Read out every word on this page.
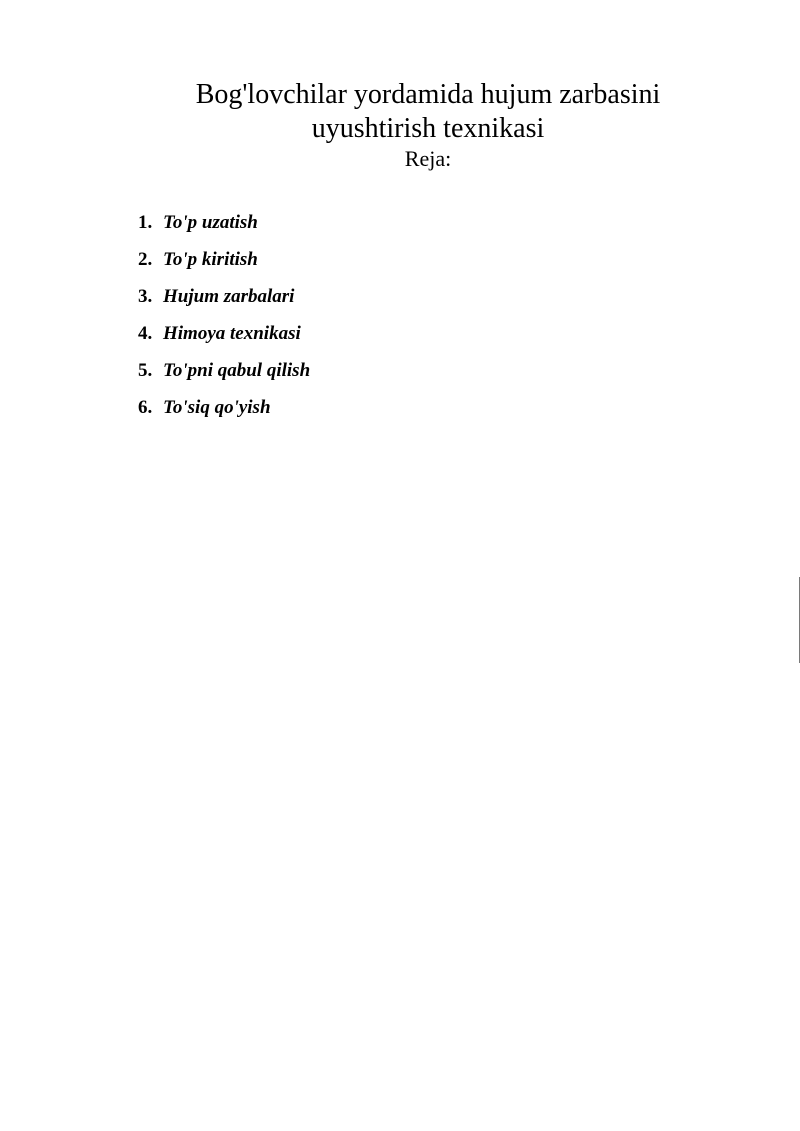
Bog'lovchilar yordamida hujum zarbasini uyushtirish texnikasi
Reja:
1. To'p uzatish
2. To'p kiritish
3. Hujum zarbalari
4. Himoya texnikasi
5. To'pni qabul qilish
6. To'siq qo'yish
